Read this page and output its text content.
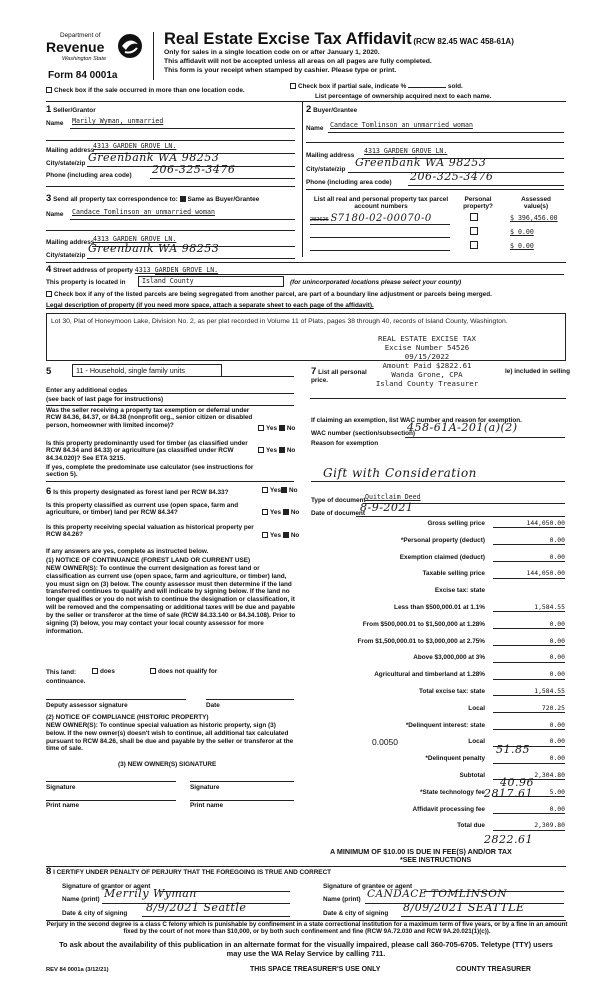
Department of
Revenue
Washington State
Form 84 0001a
Real Estate Excise Tax Affidavit (RCW 82.45 WAC 458-61A)
Only for sales in a single location code on or after January 1, 2020.
This affidavit will not be accepted unless all areas on all pages are fully completed.
This form is your receipt when stamped by cashier. Please type or print.
Check box if the sale occurred in more than one location code.
Check box if partial sale, indicate %	sold.
List percentage of ownership acquired next to each name.
1 Seller/Grantor
Name Marily Wyman, unmarried
Mailing address
4313 GARDEN GROVE LN.
City/state/zip Greenbank WA 98253
Phone (including area code) 206-325-3476
2 Buyer/Grantee
Name Candace Tomlinson an unmarried woman
Mailing address
4313 GARDEN GROVE LN.
City/state/zip
Greenbank WA 98253
Phone (including area code) 206-325-3476
3 Send all property tax correspondence to: Same as Buyer/Grantee
Name Candace Tomlinson an unmarried woman
Mailing address
4313 GARDEN GROVE LN.
City/state/zip
Greenbank WA 98253
List all real and personal property tax parcel account numbers
Personal property?
Assessed value(s)
282626 S7180-02-00070-0	$ 396,456.00
$ 0.00
$ 0.00
4 Street address of property 4313 GARDEN GROVE LN.
This property is located in	Island County	(for unincorporated locations please select your county)
Check box if any of the listed parcels are being segregated from another parcel, are part of a boundary line adjustment or parcels being merged.
Legal description of property (if you need more space, attach a separate sheet to each page of the affidavit).
Lot 30, Plat of Honeymoon Lake, Division No. 2, as per plat recorded in Volume 11 of Plats, pages 38 through 40, records of Island County, Washington.
REAL ESTATE EXCISE TAX
Excise Number 54526
09/15/2022
Amount Paid $2822.61
Wanda Grone, CPA
Island County Treasurer
5	11 - Household, single family units
Enter any additional codes
(see back of last page for instructions)
Was the seller receiving a property tax exemption or deferral under RCW 84.36, 84.37, or 84.38 (nonprofit org., senior citizen or disabled person, homeowner with limited income)?	Yes No
Is this property predominantly used for timber (as classified under RCW 84.34 and 84.33) or agriculture (as classified under RCW 84.34.020)? See ETA 3215.
Yes No
If yes, complete the predominate use calculator (see instructions for section 5).
7 List all personal
price.
le) included in selling
If claiming an exemption, list WAC number and reason for exemption.
WAC number (section/subsection)
458-61A-201(a)(2)
Reason for exemption
Gift with Consideration
Type of document Quitclaim Deed
Date of document
8-9-2021
6 Is this property designated as forest land per RCW 84.33?	Yes No
Is this property classified as current use (open space, farm and agriculture, or timber) land per RCW 84.34?	Yes No
Is this property receiving special valuation as historical property per RCW 84.26?	Yes No
If any answers are yes, complete as instructed below.
(1) NOTICE OF CONTINUANCE (FOREST LAND OR CURRENT USE)
NEW OWNER(S): To continue the current designation as forest land or classification as current use (open space, farm and agriculture, or timber) land, you must sign on (3) below. The county assessor must then determine if the land transferred continues to qualify and will indicate by signing below. If the land no longer qualifies or you do not wish to continue the designation or classification, it will be removed and the compensating or additional taxes will be due and payable by the seller or transferor at the time of sale (RCW 84.33.140 or 84.34.108). Prior to signing (3) below, you may contact your local county assessor for more information.
This land:	does	does not qualify for
continuance.
Deputy assessor signature	Date
(2) NOTICE OF COMPLIANCE (HISTORIC PROPERTY)
NEW OWNER(S): To continue special valuation as historic property, sign (3) below. If the new owner(s) doesn't wish to continue, all additional tax calculated pursuant to RCW 84.26, shall be due and payable by the seller or transferor at the time of sale.
(3) NEW OWNER(S) SIGNATURE
Signature	Signature
Print name	Print name
Gross selling price	144,050.00
*Personal property (deduct)	0.00
Exemption claimed (deduct)	0.00
Taxable selling price	144,050.00
Excise tax: state
Less than $500,000.01 at 1.1%	1,584.55
From $500,000.01 to $1,500,000 at 1.28%	0.00
From $1,500,000.01 to $3,000,000 at 2.75%	0.00
Above $3,000,000 at 3%	0.00
Agricultural and timberland at 1.28%	0.00
Total excise tax: state	1,584.55
Local	720.25
*Delinquent interest: state	0.00
Local	0.00
*Delinquent penalty	0.00
Subtotal	2,304.80
*State technology fee	5.00
Affidavit processing fee	0.00
Total due	2,309.80
0.0050
51.85
40.96
2817.61
2822.61
A MINIMUM OF $10.00 IS DUE IN FEE(S) AND/OR TAX
*SEE INSTRUCTIONS
8 I CERTIFY UNDER PENALTY OF PERJURY THAT THE FOREGOING IS TRUE AND CORRECT
Signature of grantor or agent
Name (print) Merrily Wyman
Date & city of signing 8/9/2021 Seattle
Signature of grantee or agent
Name (print) CANDACE TOMLINSON
Date & city of signing 8/09/2021 SEATTLE
Perjury in the second degree is a class C felony which is punishable by confinement in a state correctional institution for a maximum term of five years, or by a fine in an amount fixed by the court of not more than $10,000, or by both such confinement and fine (RCW 9A.72.030 and RCW 9A.20.021(1)(c)).
To ask about the availability of this publication in an alternate format for the visually impaired, please call 360-705-6705. Teletype (TTY) users may use the WA Relay Service by calling 711.
REV 84 0001a (3/12/21)	THIS SPACE TREASURER'S USE ONLY	COUNTY TREASURER
